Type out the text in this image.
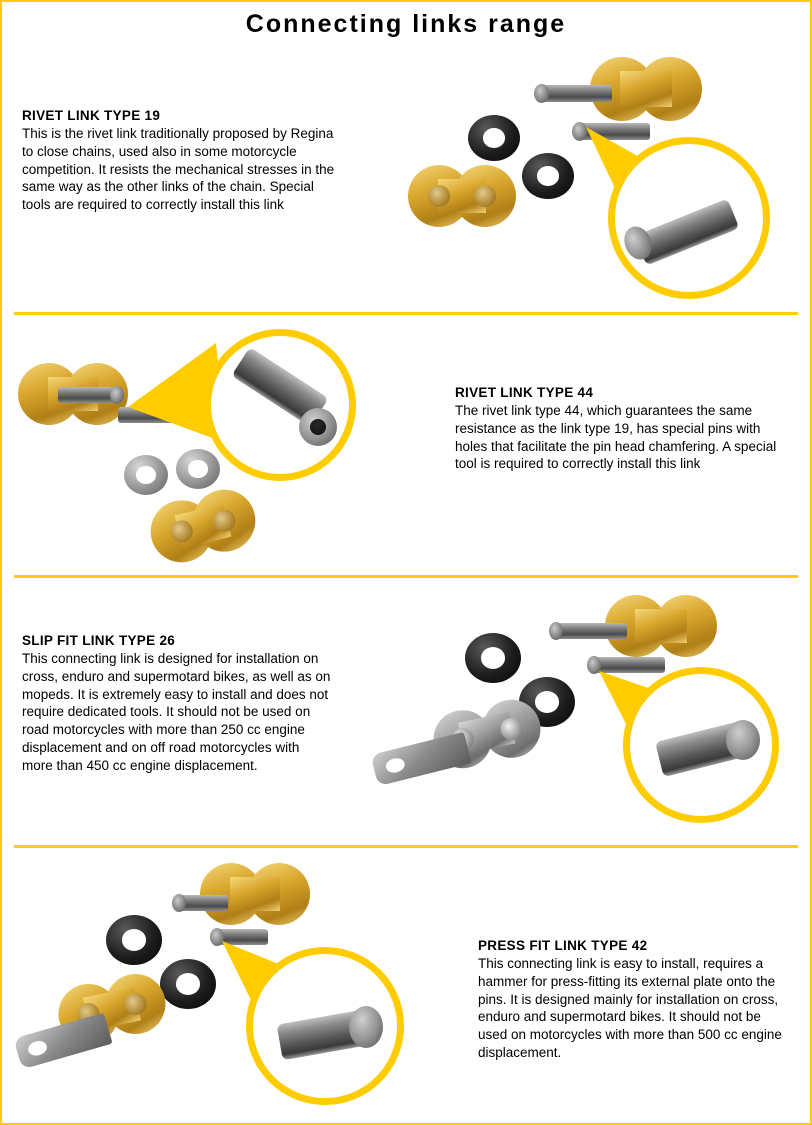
Connecting links range
RIVET LINK TYPE 19
This is the rivet link traditionally proposed by Regina to close chains, used also in some motorcycle competition. It resists the mechanical stresses in the same way as the other links of the chain. Special tools are required to correctly install this link
RIVET LINK TYPE 44
The rivet link type 44, which guarantees the same resistance as the link type 19, has special pins with holes that facilitate the pin head chamfering. A special tool is required to correctly install this link
SLIP FIT LINK TYPE 26
This connecting link is designed for installation on cross, enduro and supermotard bikes, as well as on mopeds. It is extremely easy to install and does not require dedicated tools. It should not be used on road motorcycles with more than 250 cc engine displacement and on off road motorcycles with more than 450 cc engine displacement.
PRESS FIT LINK TYPE 42
This connecting link is easy to install, requires a hammer for press-fitting its external plate onto the pins. It is designed mainly for installation on cross, enduro and supermotard bikes. It should not be used on motorcycles with more than 500 cc engine displacement.
